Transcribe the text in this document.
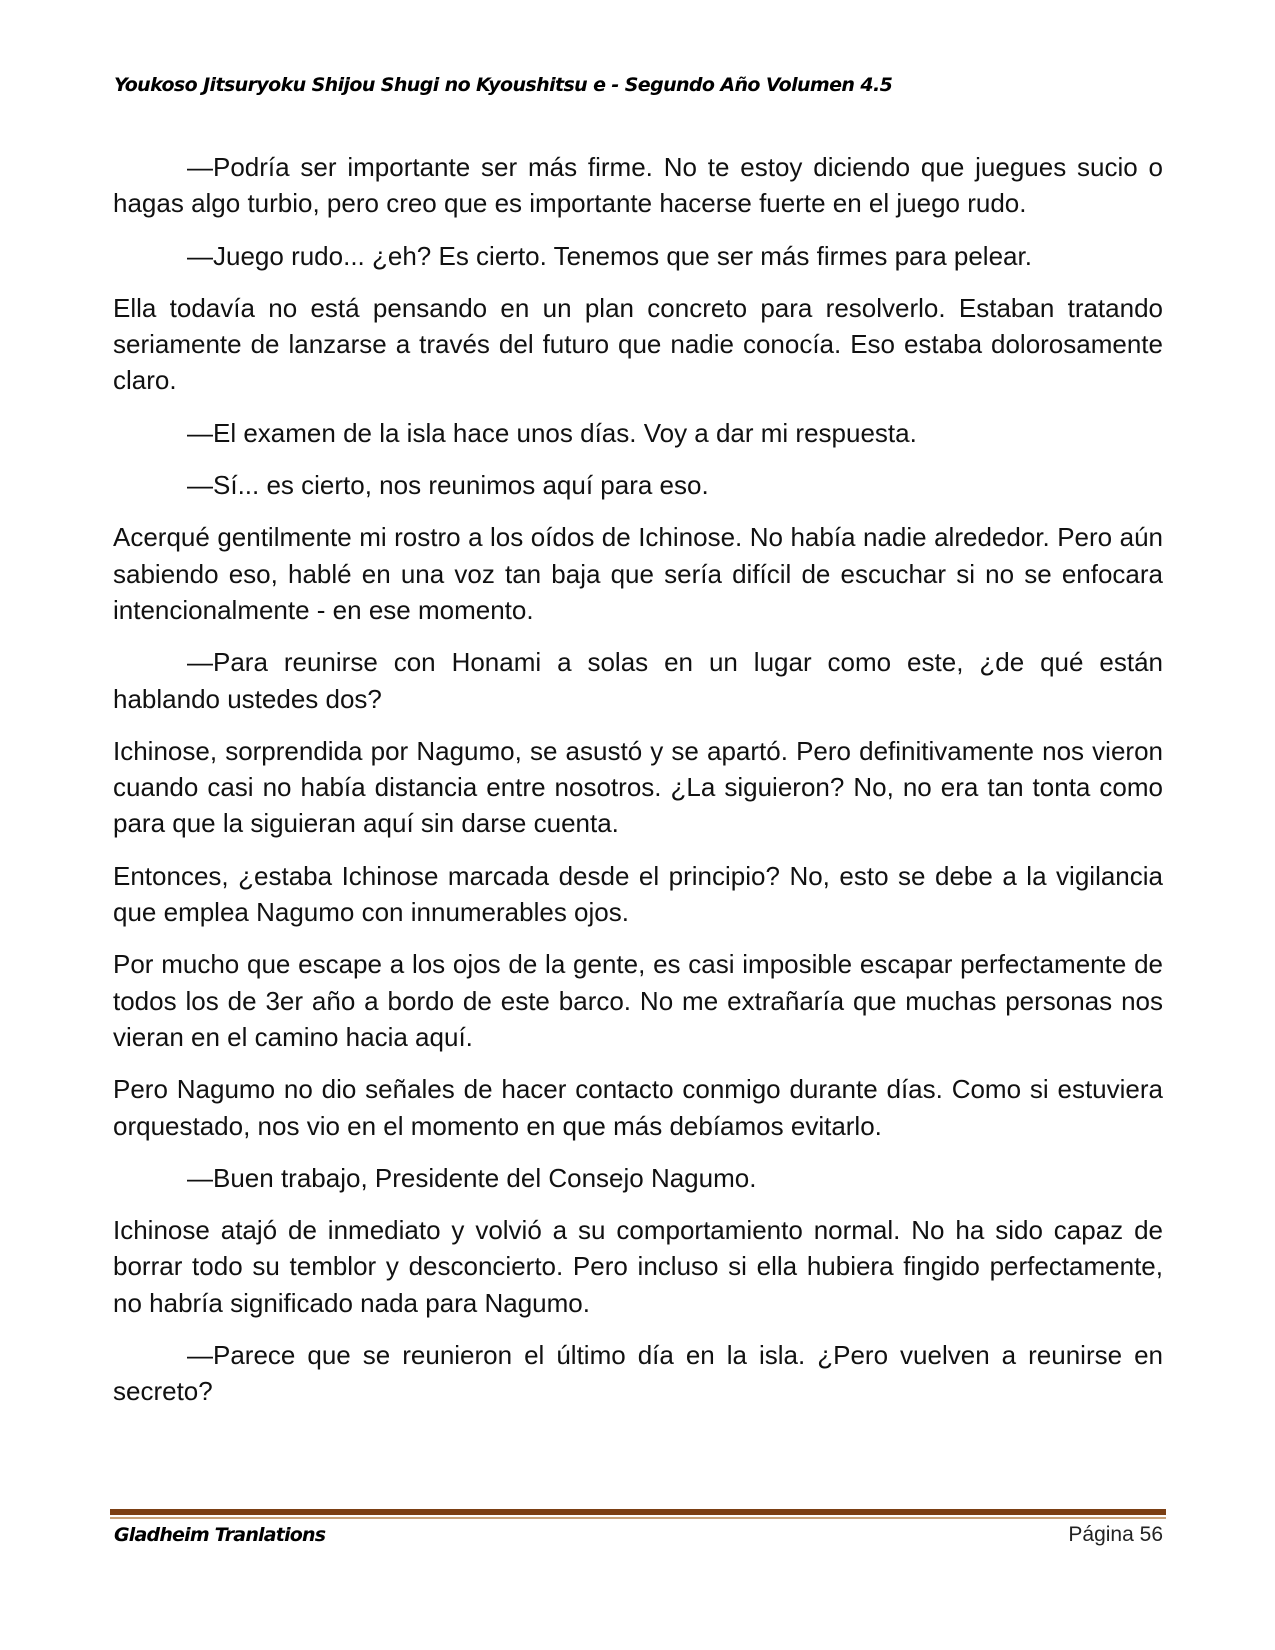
Youkoso Jitsuryoku Shijou Shugi no Kyoushitsu e - Segundo Año Volumen 4.5

—Podría ser importante ser más firme. No te estoy diciendo que juegues sucio o hagas algo turbio, pero creo que es importante hacerse fuerte en el juego rudo.

—Juego rudo... ¿eh? Es cierto. Tenemos que ser más firmes para pelear.

Ella todavía no está pensando en un plan concreto para resolverlo. Estaban tratando seriamente de lanzarse a través del futuro que nadie conocía. Eso estaba dolorosamente claro.

—El examen de la isla hace unos días. Voy a dar mi respuesta.

—Sí... es cierto, nos reunimos aquí para eso.

Acerqué gentilmente mi rostro a los oídos de Ichinose. No había nadie alrededor. Pero aún sabiendo eso, hablé en una voz tan baja que sería difícil de escuchar si no se enfocara intencionalmente - en ese momento.

—Para reunirse con Honami a solas en un lugar como este, ¿de qué están hablando ustedes dos?

Ichinose, sorprendida por Nagumo, se asustó y se apartó. Pero definitivamente nos vieron cuando casi no había distancia entre nosotros. ¿La siguieron? No, no era tan tonta como para que la siguieran aquí sin darse cuenta.

Entonces, ¿estaba Ichinose marcada desde el principio? No, esto se debe a la vigilancia que emplea Nagumo con innumerables ojos.

Por mucho que escape a los ojos de la gente, es casi imposible escapar perfectamente de todos los de 3er año a bordo de este barco. No me extrañaría que muchas personas nos vieran en el camino hacia aquí.

Pero Nagumo no dio señales de hacer contacto conmigo durante días. Como si estuviera orquestado, nos vio en el momento en que más debíamos evitarlo.

—Buen trabajo, Presidente del Consejo Nagumo.

Ichinose atajó de inmediato y volvió a su comportamiento normal. No ha sido capaz de borrar todo su temblor y desconcierto. Pero incluso si ella hubiera fingido perfectamente, no habría significado nada para Nagumo.

—Parece que se reunieron el último día en la isla. ¿Pero vuelven a reunirse en secreto?

Gladheim Tranlations	Página 56
